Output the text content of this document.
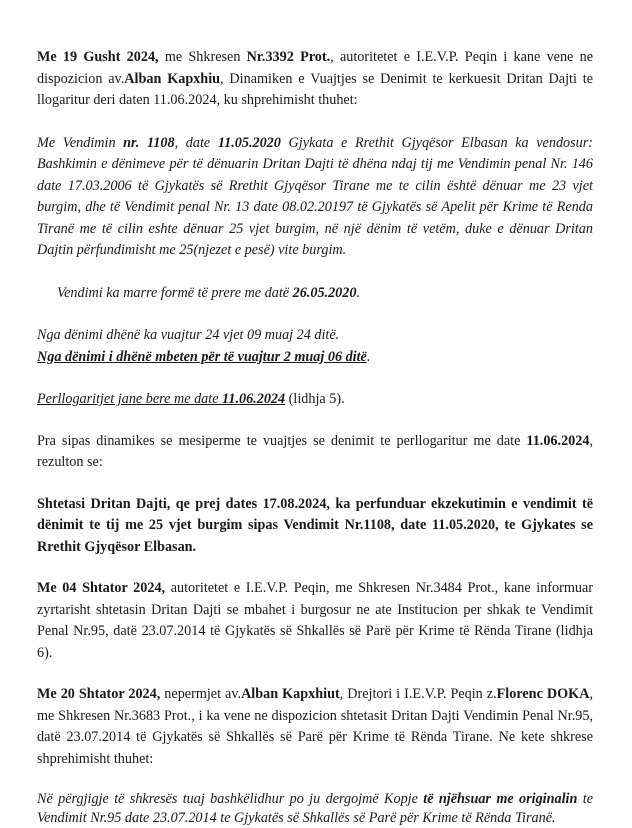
Me 19 Gusht 2024, me Shkresen Nr.3392 Prot., autoritetet e I.E.V.P. Peqin i kane vene ne dispozicion av.Alban Kapxhiu, Dinamiken e Vuajtjes se Denimit te kerkuesit Dritan Dajti te llogaritur deri daten 11.06.2024, ku shprehimisht thuhet:

Me Vendimin nr. 1108, date 11.05.2020 Gjykata e Rrethit Gjyqësor Elbasan ka vendosur: Bashkimin e dënimeve për të dënuarin Dritan Dajti të dhëna ndaj tij me Vendimin penal Nr. 146 date 17.03.2006 të Gjykatës së Rrethit Gjyqësor Tirane me te cilin është dënuar me 23 vjet burgim, dhe të Vendimit penal Nr. 13 date 08.02.20197 të Gjykatës së Apelit për Krime të Renda Tiranë me të cilin eshte dënuar 25 vjet burgim, në një dënim të vetëm, duke e dënuar Dritan Dajtin përfundimisht me 25(njezet e pesë) vite burgim.

Vendimi ka marre formë të prere me datë 26.05.2020.

Nga dënimi dhënë ka vuajtur 24 vjet 09 muaj 24 ditë.

Nga dënimi i dhënë mbeten për të vuajtur 2 muaj 06 ditë.

Perllogaritjet jane bere me date 11.06.2024 (lidhja 5).

Pra sipas dinamikes se mesiperme te vuajtjes se denimit te perllogaritur me date 11.06.2024, rezulton se:

Shtetasi Dritan Dajti, qe prej dates 17.08.2024, ka perfunduar ekzekutimin e vendimit të dënimit te tij me 25 vjet burgim sipas Vendimit Nr.1108, date 11.05.2020, te Gjykates se Rrethit Gjyqësor Elbasan.

Me 04 Shtator 2024, autoritetet e I.E.V.P. Peqin, me Shkresen Nr.3484 Prot., kane informuar zyrtarisht shtetasin Dritan Dajti se mbahet i burgosur ne ate Institucion per shkak te Vendimit Penal Nr.95, datë 23.07.2014 të Gjykatës së Shkallës së Parë për Krime të Rënda Tirane (lidhja 6).

Me 20 Shtator 2024, nepermjet av.Alban Kapxhiut, Drejtori i I.E.V.P. Peqin z.Florenc DOKA, me Shkresen Nr.3683 Prot., i ka vene ne dispozicion shtetasit Dritan Dajti Vendimin Penal Nr.95, datë 23.07.2014 të Gjykatës së Shkallës së Parë për Krime të Rënda Tirane. Ne kete shkrese shprehimisht thuhet:

Në përgjigje të shkresës tuaj bashkëlidhur po ju dergojmë Kopje të njëhsuar me originalin te Vendimit Nr.95 date 23.07.2014 te Gjykatës së Shkallës së Parë për Krime të Rënda Tiranë.
